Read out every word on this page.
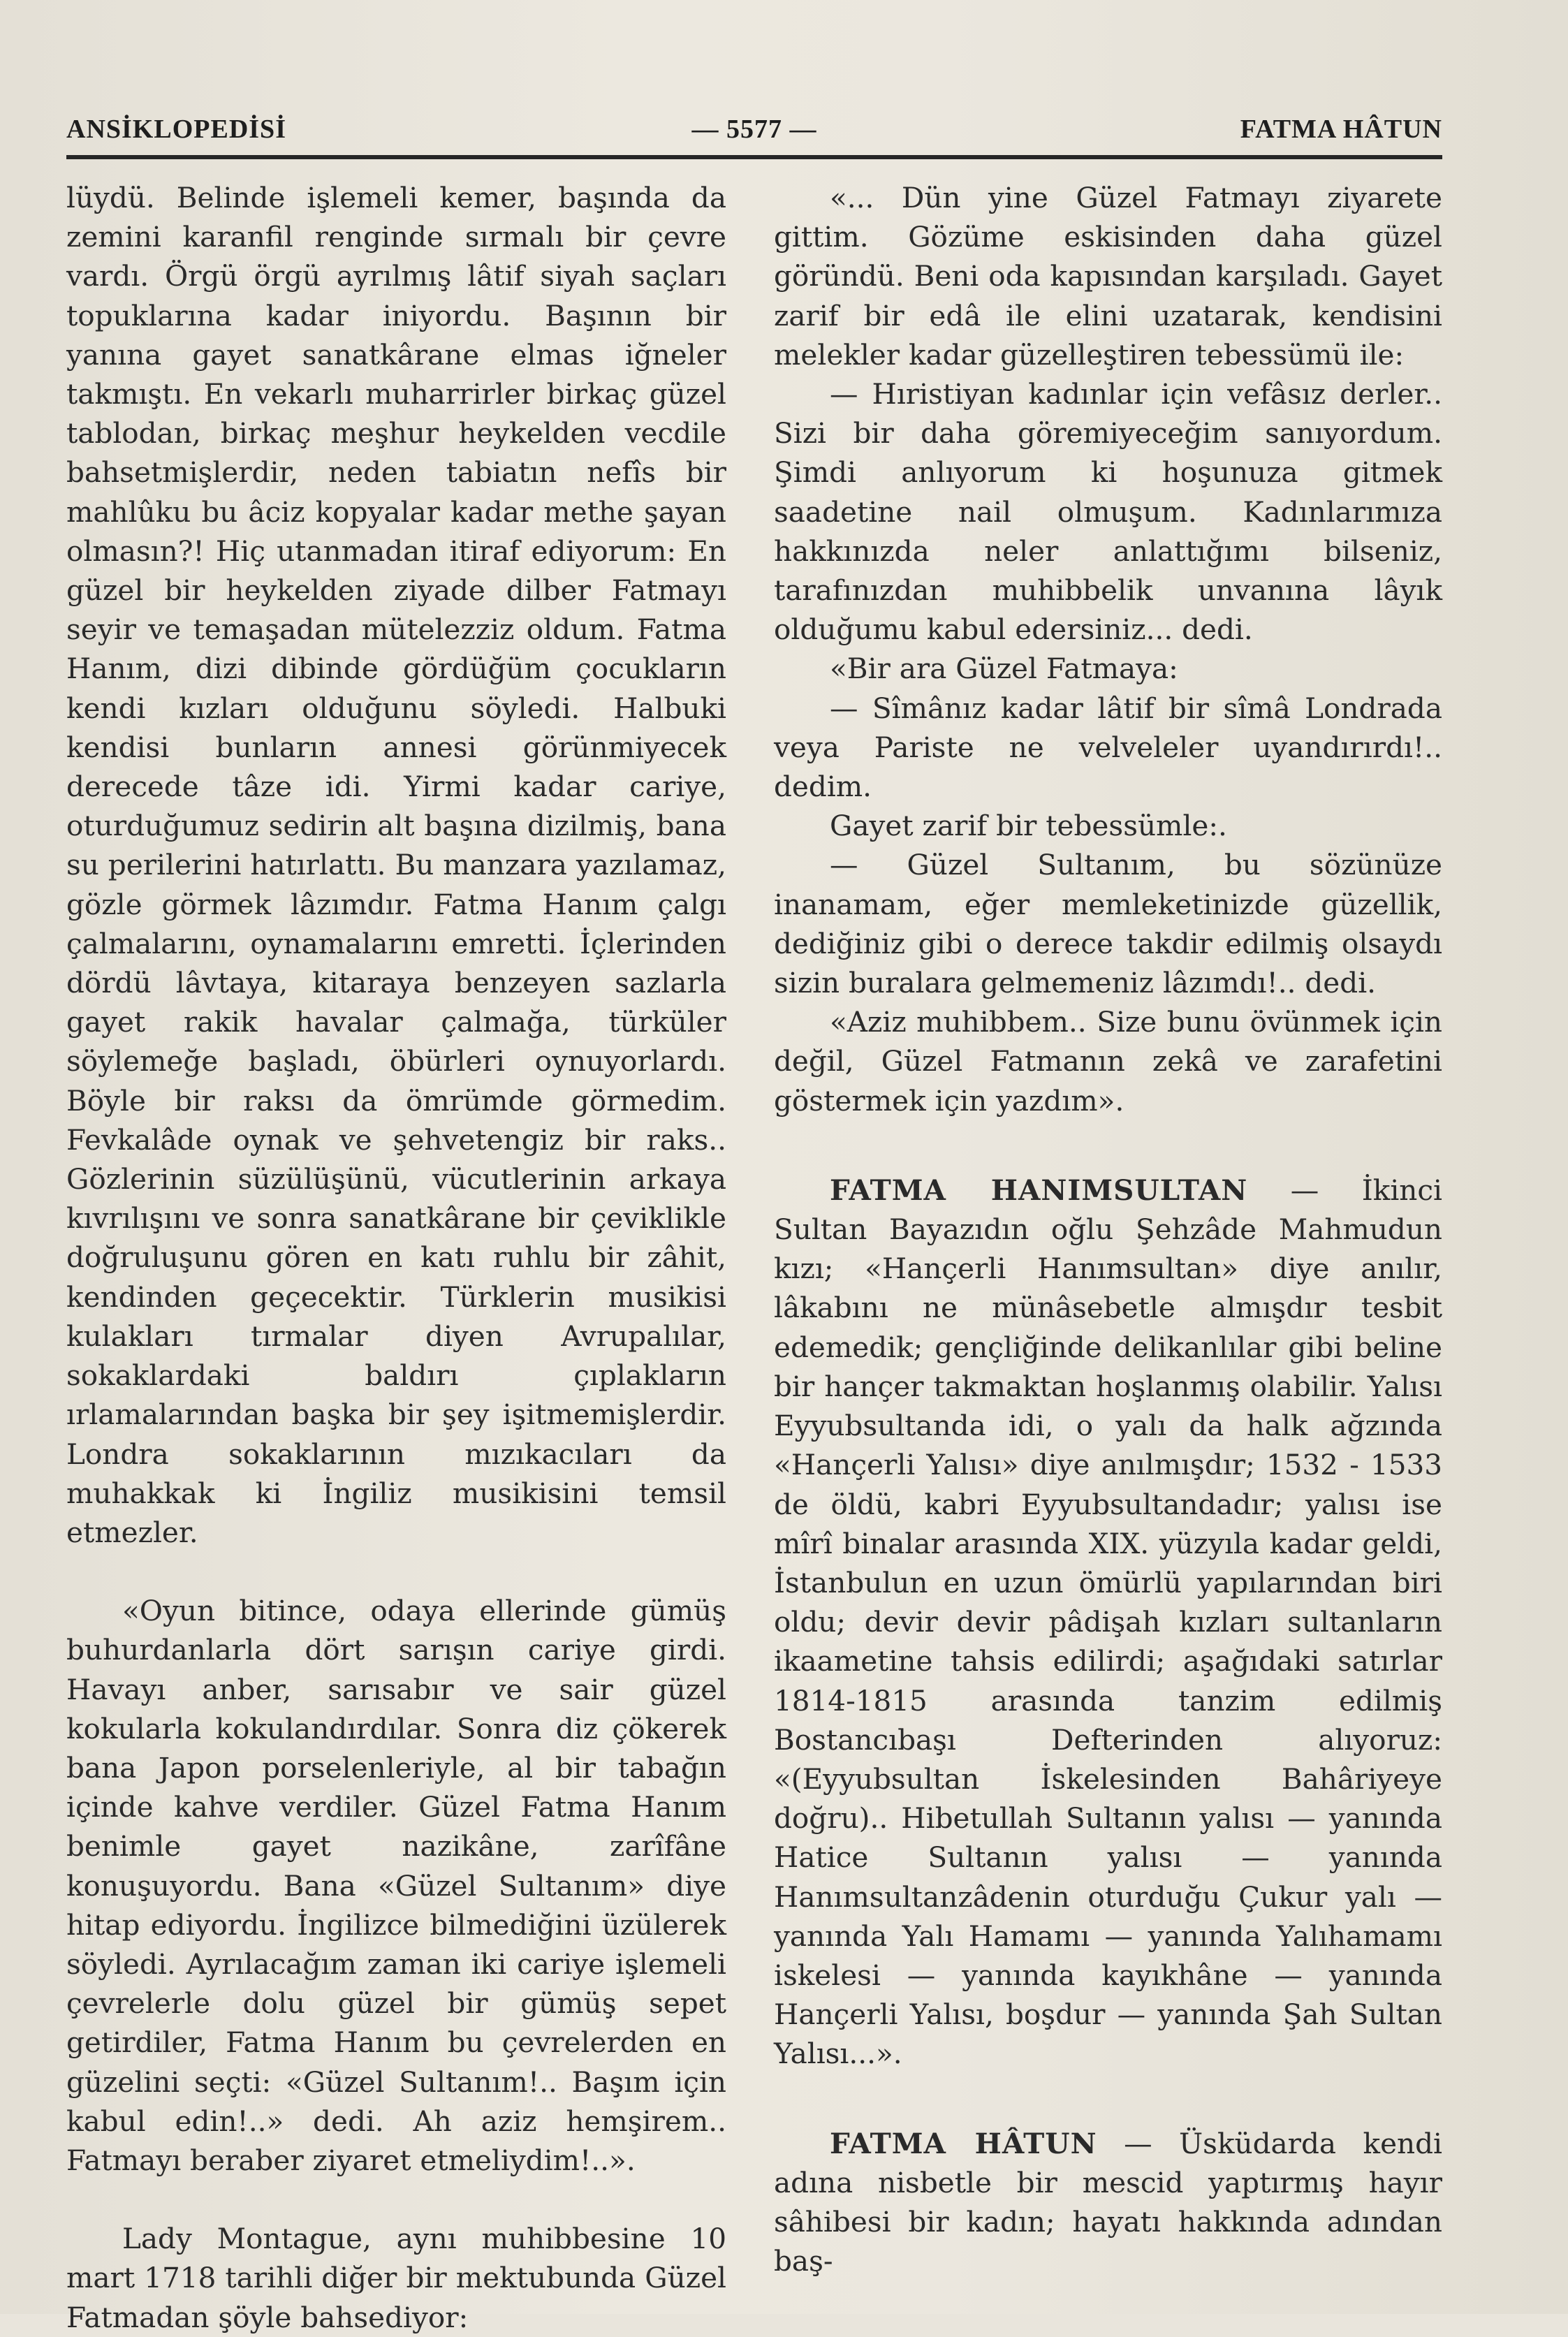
ANSİKLOPEDİSİ	— 5577 —	FATMA HÂTUN

lüydü. Belinde işlemeli kemer, başında da zemini karanfil renginde sırmalı bir çevre vardı. Örgü örgü ayrılmış lâtif siyah saçları topuklarına kadar iniyordu. Başının bir yanına gayet sanatkârane elmas iğneler takmıştı. En vekarlı muharrirler birkaç güzel tablodan, birkaç meşhur heykelden vecdile bahsetmişlerdir, neden tabiatın nefîs bir mahlûku bu âciz kopyalar kadar methe şayan olmasın?! Hiç utanmadan itiraf ediyorum: En güzel bir heykelden ziyade dilber Fatmayı seyir ve temaşadan mütelezziz oldum. Fatma Hanım, dizi dibinde gördüğüm çocukların kendi kızları olduğunu söyledi. Halbuki kendisi bunların annesi görünmiyecek derecede tâze idi. Yirmi kadar cariye, oturduğumuz sedirin alt başına dizilmiş, bana su perilerini hatırlattı. Bu manzara yazılamaz, gözle görmek lâzımdır. Fatma Hanım çalgı çalmalarını, oynamalarını emretti. İçlerinden dördü lâvtaya, kitaraya benzeyen sazlarla gayet rakik havalar çalmağa, türküler söylemeğe başladı, öbürleri oynuyorlardı. Böyle bir raksı da ömrümde görmedim. Fevkalâde oynak ve şehvetengiz bir raks.. Gözlerinin süzülüşünü, vücutlerinin arkaya kıvrılışını ve sonra sanatkârane bir çeviklikle doğruluşunu gören en katı ruhlu bir zâhit, kendinden geçecektir. Türklerin musikisi kulakları tırmalar diyen Avrupalılar, sokaklardaki baldırı çıplakların ırlamalarından başka bir şey işitmemişlerdir. Londra sokaklarının mızıkacıları da muhakkak ki İngiliz musikisini temsil etmezler.

«Oyun bitince, odaya ellerinde gümüş buhurdanlarla dört sarışın cariye girdi. Havayı anber, sarısabır ve sair güzel kokularla kokulandırdılar. Sonra diz çökerek bana Japon porselenleriyle, al bir tabağın içinde kahve verdiler. Güzel Fatma Hanım benimle gayet nazikâne, zarîfâne konuşuyordu. Bana «Güzel Sultanım» diye hitap ediyordu. İngilizce bilmediğini üzülerek söyledi. Ayrılacağım zaman iki cariye işlemeli çevrelerle dolu güzel bir gümüş sepet getirdiler, Fatma Hanım bu çevrelerden en güzelini seçti: «Güzel Sultanım!.. Başım için kabul edin!..» dedi. Ah aziz hemşirem.. Fatmayı beraber ziyaret etmeliydim!..».

Lady Montague, aynı muhibbesine 10 mart 1718 tarihli diğer bir mektubunda Güzel Fatmadan şöyle bahsediyor:

«... Dün yine Güzel Fatmayı ziyarete gittim. Gözüme eskisinden daha güzel göründü. Beni oda kapısından karşıladı. Gayet zarif bir edâ ile elini uzatarak, kendisini melekler kadar güzelleştiren tebessümü ile:

— Hıristiyan kadınlar için vefâsız derler.. Sizi bir daha göremiyeceğim sanıyordum. Şimdi anlıyorum ki hoşunuza gitmek saadetine nail olmuşum. Kadınlarımıza hakkınızda neler anlattığımı bilseniz, tarafınızdan muhibbelik unvanına lâyık olduğumu kabul edersiniz... dedi.

«Bir ara Güzel Fatmaya:

— Sîmânız kadar lâtif bir sîmâ Londrada veya Pariste ne velveleler uyandırırdı!.. dedim.

Gayet zarif bir tebessümle:.

— Güzel Sultanım, bu sözünüze inanamam, eğer memleketinizde güzellik, dediğiniz gibi o derece takdir edilmiş olsaydı sizin buralara gelmemeniz lâzımdı!.. dedi.

«Aziz muhibbem.. Size bunu övünmek için değil, Güzel Fatmanın zekâ ve zarafetini göstermek için yazdım».

FATMA HANIMSULTAN — İkinci Sultan Bayazıdın oğlu Şehzâde Mahmudun kızı; «Hançerli Hanımsultan» diye anılır, lâkabını ne münâsebetle almışdır tesbit edemedik; gençliğinde delikanlılar gibi beline bir hançer takmaktan hoşlanmış olabilir. Yalısı Eyyubsultanda idi, o yalı da halk ağzında «Hançerli Yalısı» diye anılmışdır; 1532 - 1533 de öldü, kabri Eyyubsultandadır; yalısı ise mîrî binalar arasında XIX. yüzyıla kadar geldi, İstanbulun en uzun ömürlü yapılarından biri oldu; devir devir pâdişah kızları sultanların ikaametine tahsis edilirdi; aşağıdaki satırlar 1814-1815 arasında tanzim edilmiş Bostancıbaşı Defterinden alıyoruz: «(Eyyubsultan İskelesinden Bahâriyeye doğru).. Hibetullah Sultanın yalısı — yanında Hatice Sultanın yalısı — yanında Hanımsultanzâdenin oturduğu Çukur yalı — yanında Yalı Hamamı — yanında Yalıhamamı iskelesi — yanında kayıkhâne — yanında Hançerli Yalısı, boşdur — yanında Şah Sultan Yalısı...».

FATMA HÂTUN — Üsküdarda kendi adına nisbetle bir mescid yaptırmış hayır sâhibesi bir kadın; hayatı hakkında adından baş-
